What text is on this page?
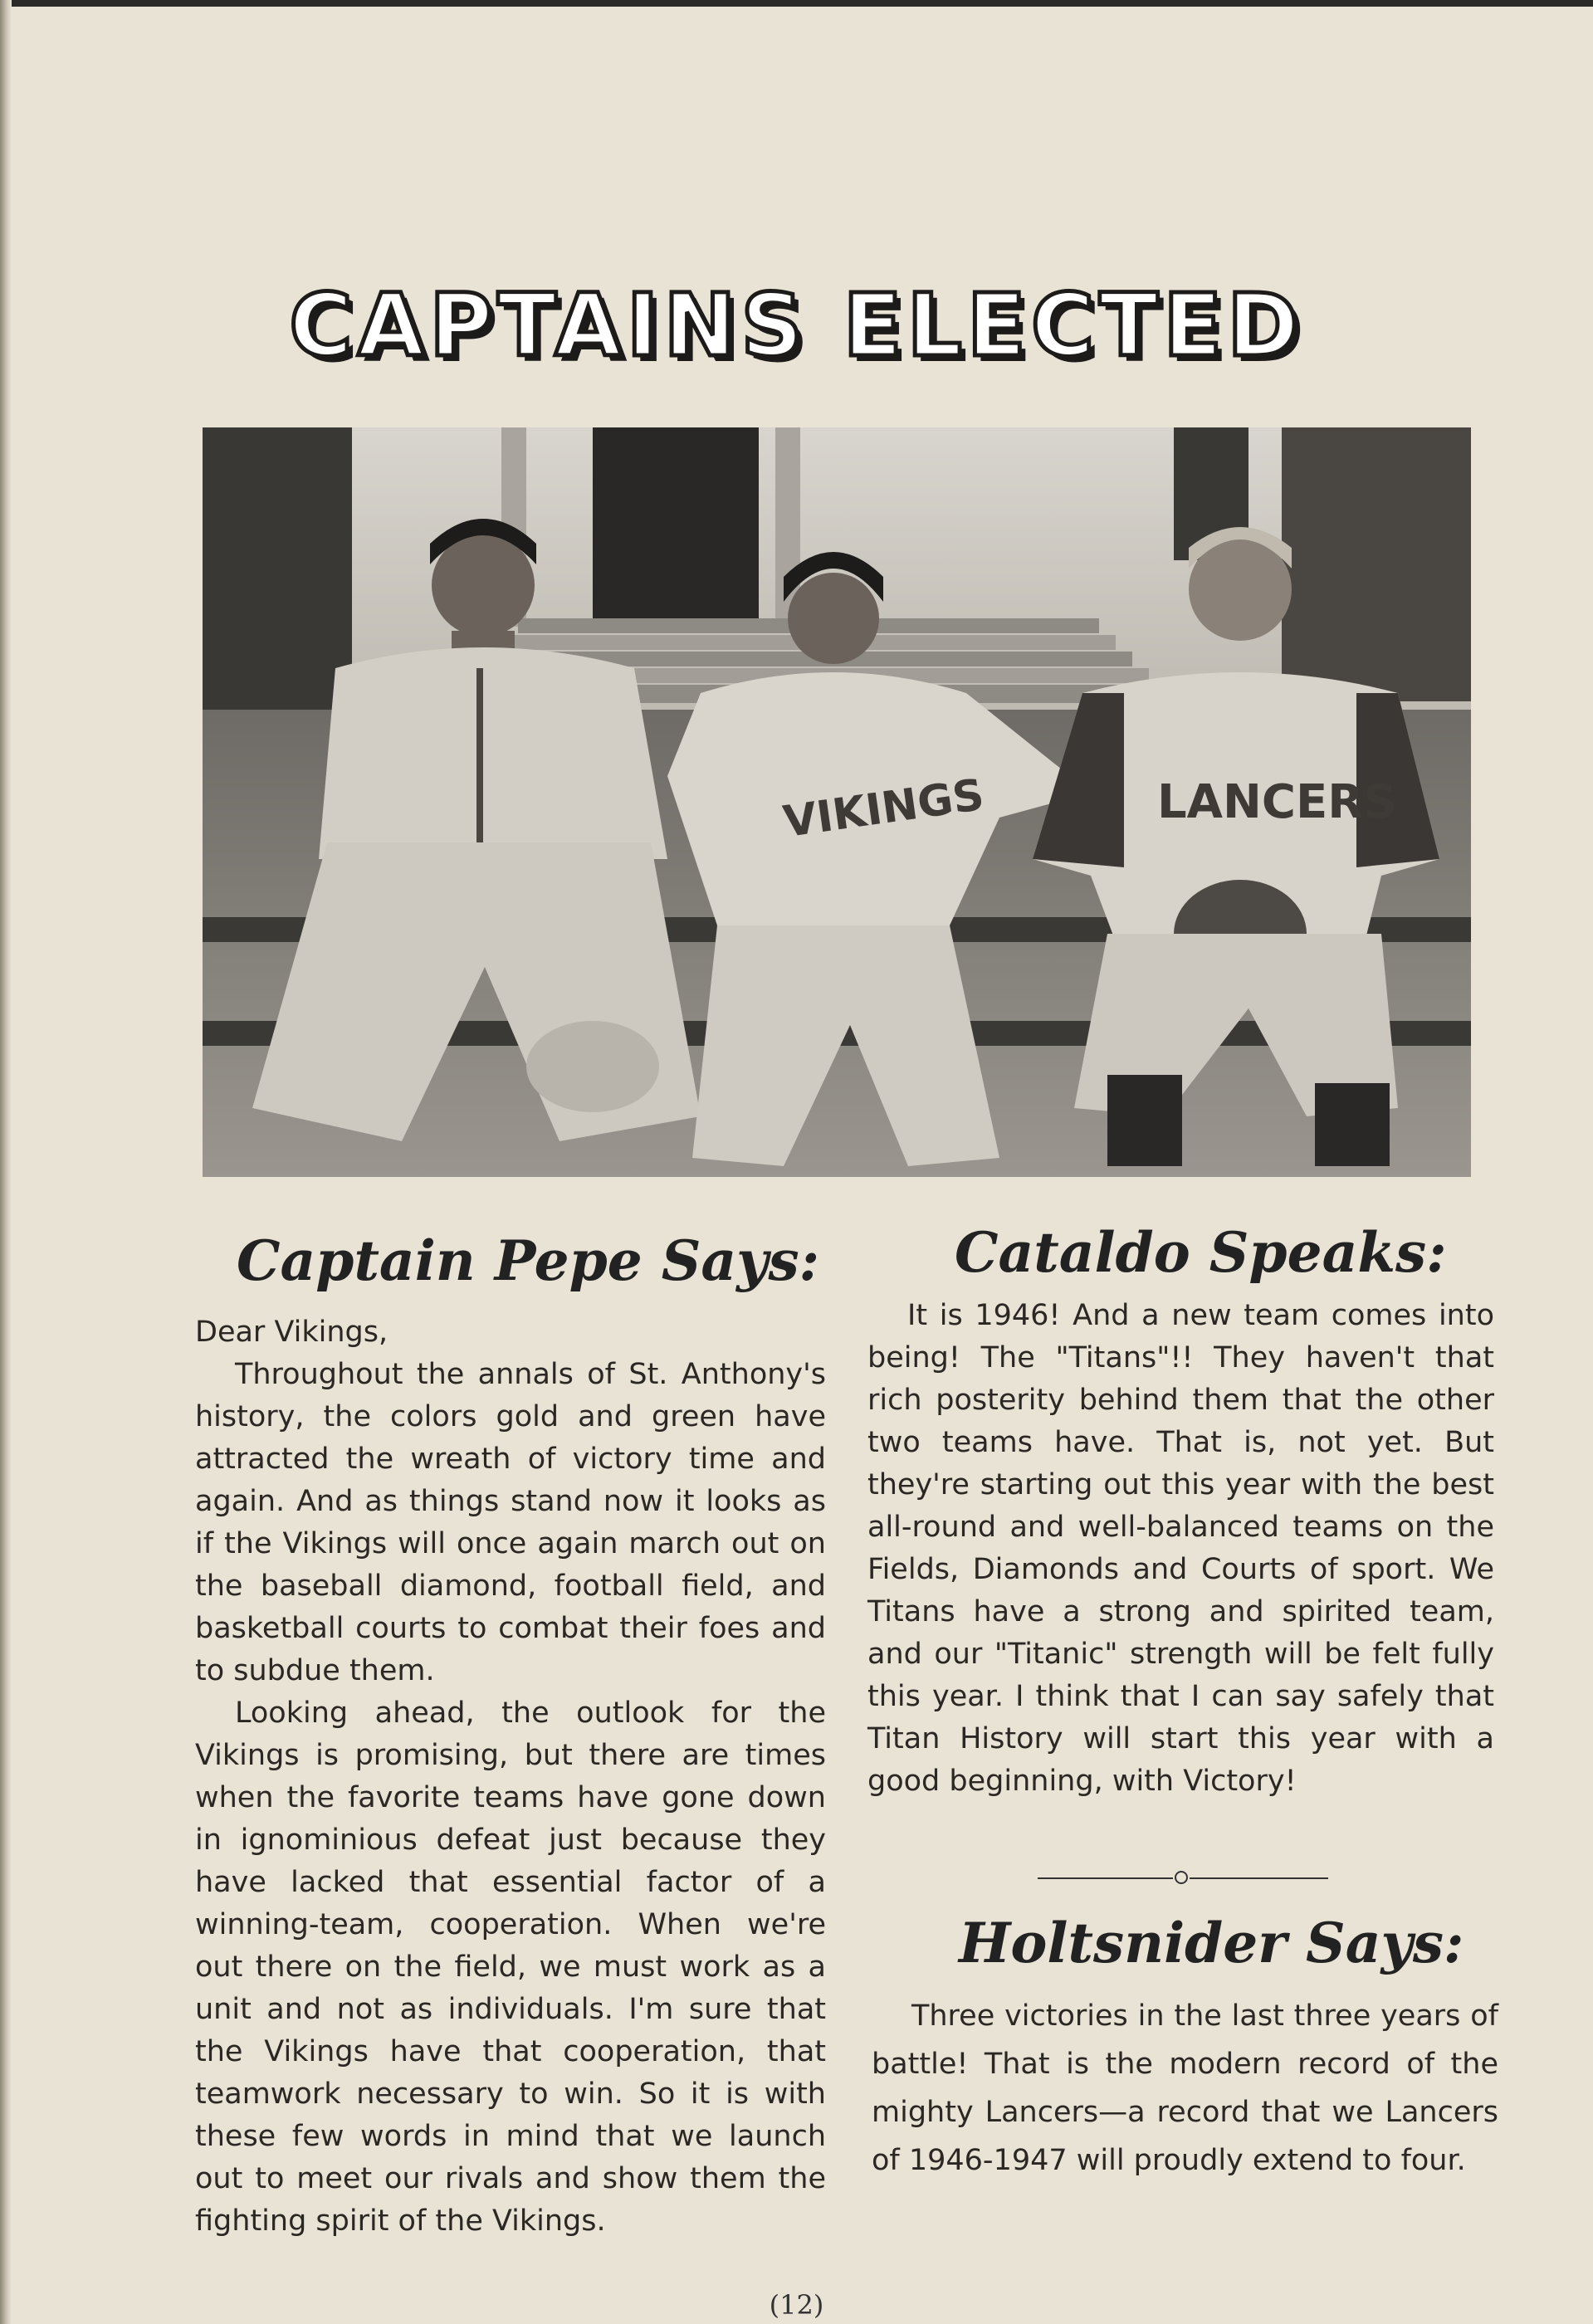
CAPTAINS ELECTED
VIKINGS	LANCERS
Captain Pepe Says:

Dear Vikings,

Throughout the annals of St. Anthony's history, the colors gold and green have attracted the wreath of victory time and again. And as things stand now it looks as if the Vikings will once again march out on the baseball diamond, football field, and basketball courts to combat their foes and to subdue them.

Looking ahead, the outlook for the Vikings is promising, but there are times when the favorite teams have gone down in ignominious defeat just because they have lacked that essential factor of a winning-team, cooperation. When we're out there on the field, we must work as a unit and not as individuals. I'm sure that the Vikings have that cooperation, that teamwork necessary to win. So it is with these few words in mind that we launch out to meet our rivals and show them the fighting spirit of the Vikings.

Cataldo Speaks:

It is 1946! And a new team comes into being! The "Titans"!! They haven't that rich posterity behind them that the other two teams have. That is, not yet. But they're starting out this year with the best all-round and well-balanced teams on the Fields, Diamonds and Courts of sport. We Titans have a strong and spirited team, and our "Titanic" strength will be felt fully this year. I think that I can say safely that Titan History will start this year with a good beginning, with Victory!

Holtsnider Says:

Three victories in the last three years of battle! That is the modern record of the mighty Lancers—a record that we Lancers of 1946-1947 will proudly extend to four.

(12)
